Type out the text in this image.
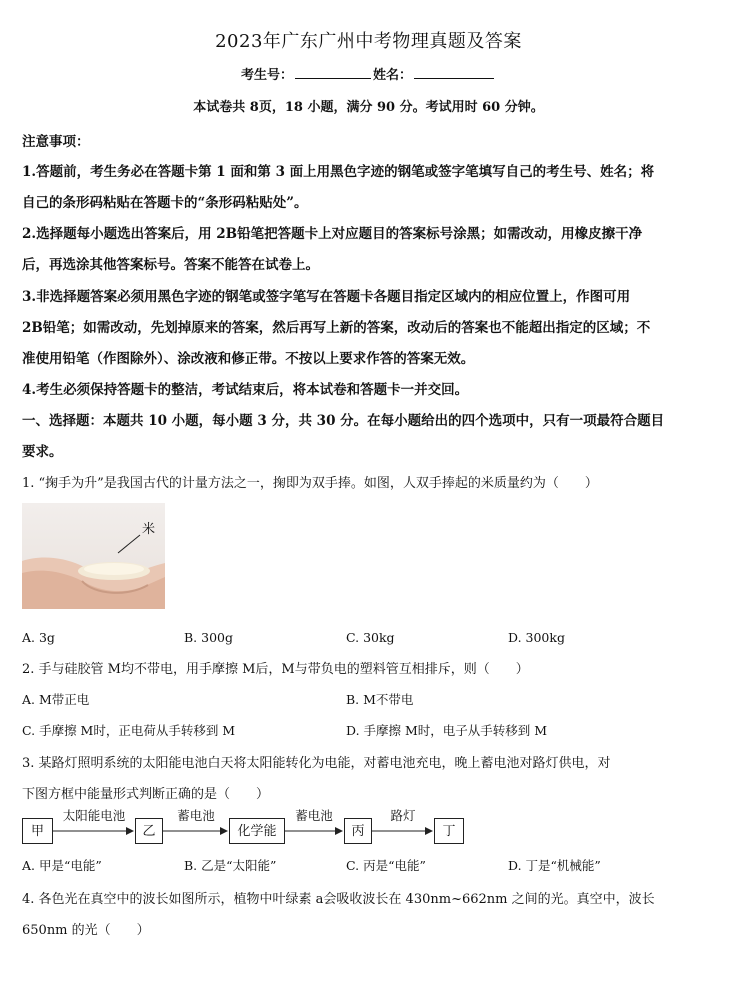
2023年广东广州中考物理真题及答案
考生号：	姓名：
本试卷共 8页，18 小题，满分 90 分。考试用时 60 分钟。
注意事项：
1.答题前，考生务必在答题卡第 1 面和第 3 面上用黑色字迹的钢笔或签字笔填写自己的考生号、姓名；将
自己的条形码粘贴在答题卡的“条形码粘贴处”。
2.选择题每小题选出答案后，用 2B铅笔把答题卡上对应题目的答案标号涂黑；如需改动，用橡皮擦干净
后，再选涂其他答案标号。答案不能答在试卷上。
3.非选择题答案必须用黑色字迹的钢笔或签字笔写在答题卡各题目指定区域内的相应位置上，作图可用
2B铅笔；如需改动，先划掉原来的答案，然后再写上新的答案，改动后的答案也不能超出指定的区域；不
准使用铅笔（作图除外）、涂改液和修正带。不按以上要求作答的答案无效。
4.考生必须保持答题卡的整洁，考试结束后，将本试卷和答题卡一并交回。
一、选择题：本题共 10 小题，每小题 3 分，共 30 分。在每小题给出的四个选项中，只有一项最符合题目
要求。
1. “掬手为升”是我国古代的计量方法之一，掬即为双手捧。如图，人双手捧起的米质量约为（　　）
米
A. 3g	B. 300g	C. 30kg	D. 300kg
2. 手与硅胶管 M均不带电，用手摩擦 M后，M与带负电的塑料管互相排斥，则（　　）
A. M带正电	B. M不带电
C. 手摩擦 M时，正电荷从手转移到 M	D. 手摩擦 M时，电子从手转移到 M
3. 某路灯照明系统的太阳能电池白天将太阳能转化为电能，对蓄电池充电，晚上蓄电池对路灯供电，对
下图方框中能量形式判断正确的是（　　）
甲	乙	化学能	丙	丁
太阳能电池	蓄电池	蓄电池	路灯
A. 甲是“电能”	B. 乙是“太阳能”	C. 丙是“电能”	D. 丁是“机械能”
4. 各色光在真空中的波长如图所示，植物中叶绿素 a会吸收波长在 430nm~662nm 之间的光。真空中，波长
650nm 的光（　　）
